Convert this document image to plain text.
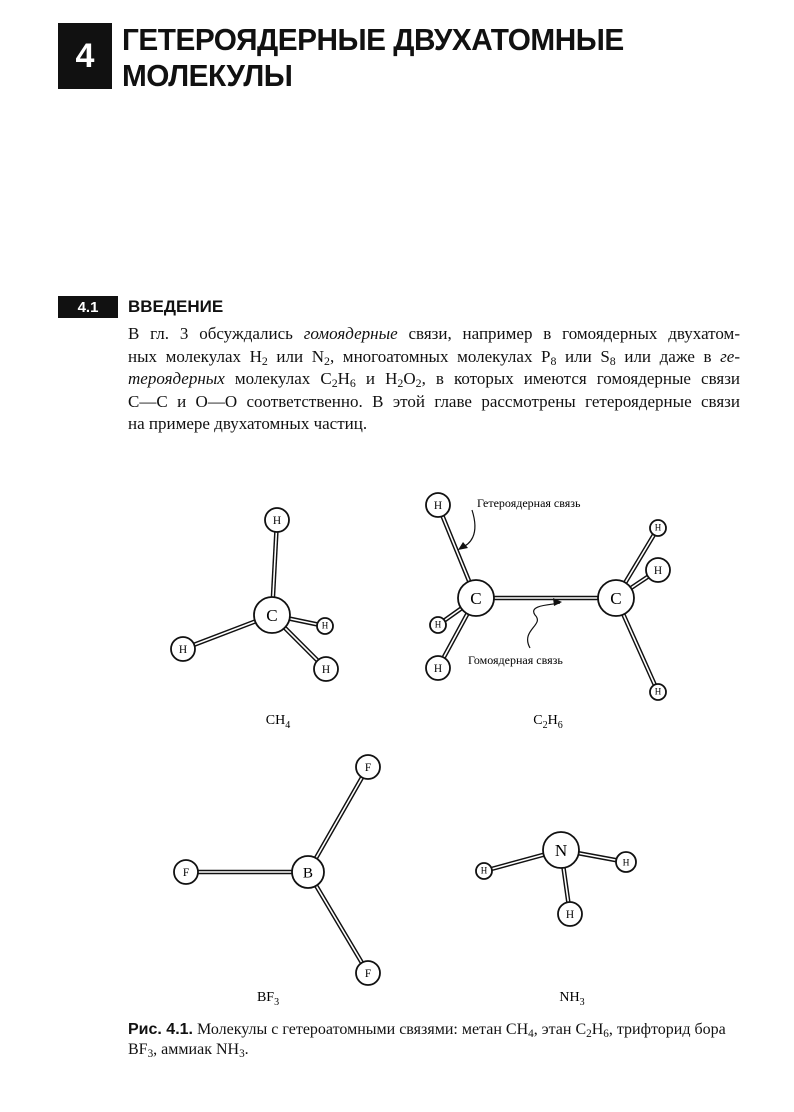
4 ГЕТЕРОЯДЕРНЫЕ ДВУХАТОМНЫЕ
МОЛЕКУЛЫ
4.1	ВВЕДЕНИЕ
В гл. 3 обсуждались гомоядерные связи, например в гомоядерных двухатом-
ных молекулах $H_2$ или $N_2$, многоатомных молекулах $P_8$ или $S_8$ или даже в ге-
тероядерных молекулах $C_2H_6$ и $H_2O_2$, в которых имеются гомоядерные связи
C—C и O—O соответственно. В этой главе рассмотрены гетероядерные связи
на примере двухатомных частиц.
C
H
H
H
H
C	C
H
H
H
H
H
H
B
F
F
F
N
H
H
H
Гетероядерная связь
Гомоядерная связь
$CH_4$	$C_2H_6$
$BF_3$	$NH_3$
Рис. 4.1. Молекулы с гетероатомными связями: метан $CH_4$, этан $C_2H_6$, трифторид бора $BF_3$, аммиак $NH_3$.
